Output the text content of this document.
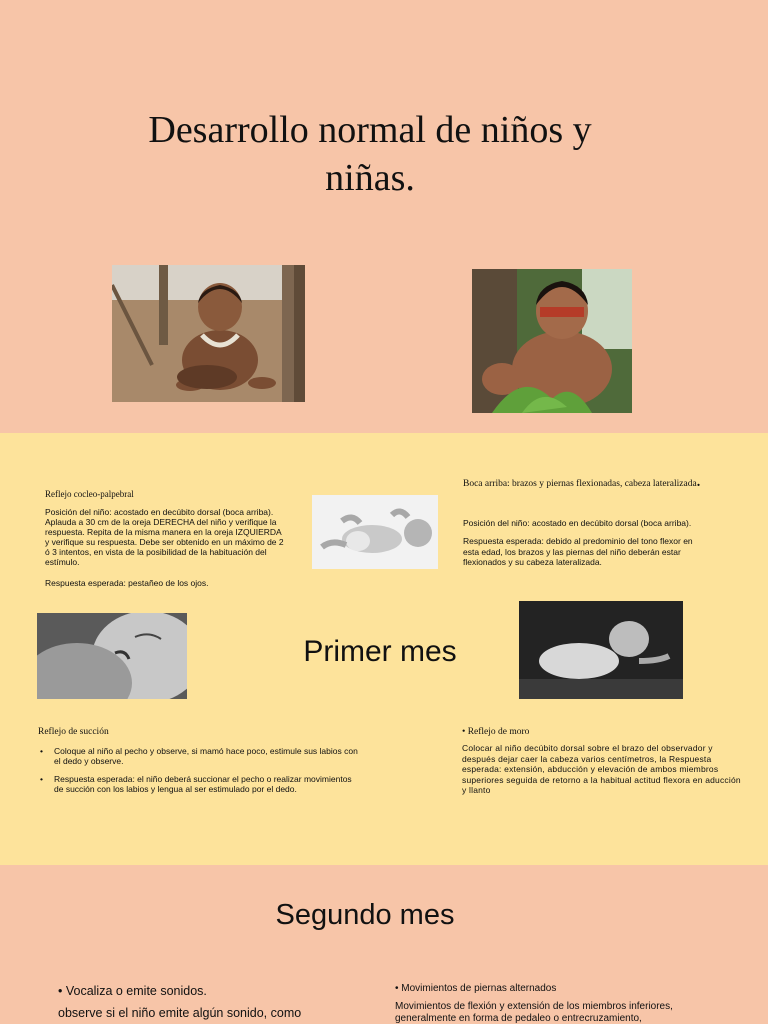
Desarrollo normal de niños y niñas.
Reflejo cocleo-palpebral
Posición del niño: acostado en decúbito dorsal (boca arriba). Aplauda a 30 cm de la oreja DERECHA del niño y verifique la respuesta. Repita de la misma manera en la oreja IZQUIERDA y verifique su respuesta. Debe ser obtenido en un máximo de 2 ó 3 intentos, en vista de la posibilidad de la habituación del estímulo.
Respuesta esperada: pestañeo de los ojos.
Boca arriba: brazos y piernas flexionadas, cabeza lateralizada.
Posición del niño: acostado en decúbito dorsal (boca arriba).
Respuesta esperada: debido al predominio del tono flexor en esta edad, los brazos y las piernas del niño deberán estar flexionados y su cabeza lateralizada.
Primer mes
Reflejo de succión
• Coloque al niño al pecho y observe, si mamó hace poco, estimule sus labios con el dedo y observe.
• Respuesta esperada: el niño deberá succionar el pecho o realizar movimientos de succión con los labios y lengua al ser estimulado por el dedo.
• Reflejo de moro
Colocar al niño decúbito dorsal sobre el brazo del observador y después dejar caer la cabeza varios centímetros, la Respuesta esperada: extensión, abducción y elevación de ambos miembros superiores seguida de retorno a la habitual actitud flexora en aducción y llanto
Segundo mes
• Vocaliza o emite sonidos.
observe si el niño emite algún sonido, como
• Movimientos de piernas alternados
Movimientos de flexión y extensión de los miembros inferiores, generalmente en forma de pedaleo o entrecruzamiento,
